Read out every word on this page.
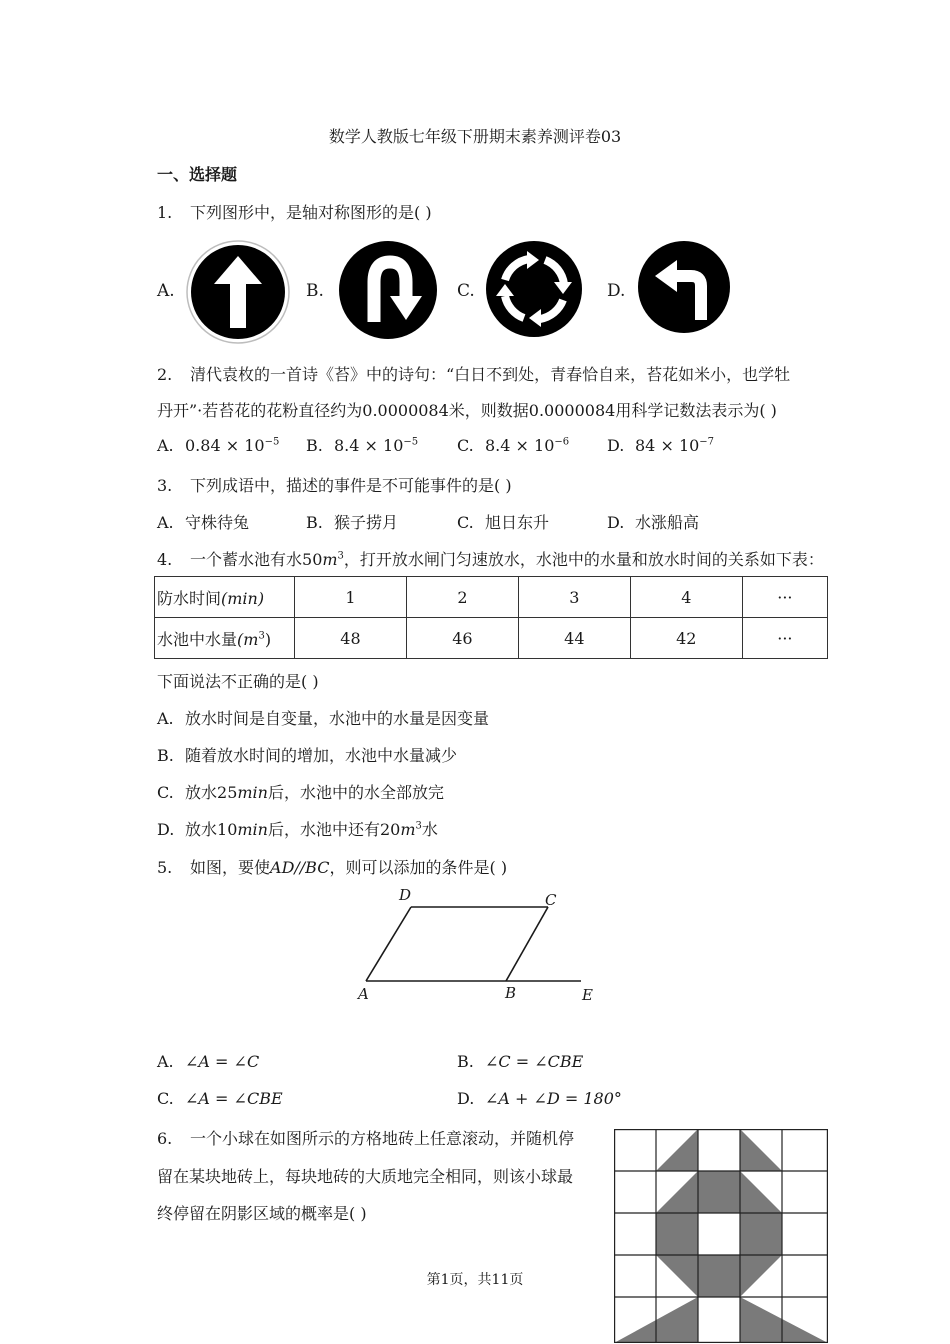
数学人教版七年级下册期末素养测评卷03
一、选择题
1. 下列图形中，是轴对称图形的是( )
A.	B.	C.	D.
2. 清代袁枚的一首诗《苔》中的诗句：“白日不到处，青春恰自来，苔花如米小，也学牡
丹开”·若苔花的花粉直径约为0.0000084米，则数据0.0000084用科学记数法表示为( )
A. $0.84 \times 10^{-5}$ B. $8.4 \times 10^{-5}$ C. $8.4 \times 10^{-6}$ D. $84 \times 10^{-7}$
3. 下列成语中，描述的事件是不可能事件的是( )
A. 守株待兔	B. 猴子捞月	C. 旭日东升	D. 水涨船高
4. 一个蓄水池有水$50m^3$，打开放水闸门匀速放水，水池中的水量和放水时间的关系如下表：
防水时间(min)	1	2	3	4	···
水池中水量$(m^3)$	48	46	44	42	···
下面说法不正确的是( )
A. 放水时间是自变量，水池中的水量是因变量
B. 随着放水时间的增加，水池中水量减少
C. 放水25min后，水池中的水全部放完
D. 放水10min后，水池中还有$20m^3$水
5. 如图，要使AD//BC，则可以添加的条件是( )
A	B
C
D
E
A. ∠A = ∠C	B. ∠C = ∠CBE
C. ∠A = ∠CBE	D. ∠A + ∠D = 180°
6. 一个小球在如图所示的方格地砖上任意滚动，并随机停
留在某块地砖上，每块地砖的大质地完全相同，则该小球最
终停留在阴影区域的概率是( )
第1页，共11页
